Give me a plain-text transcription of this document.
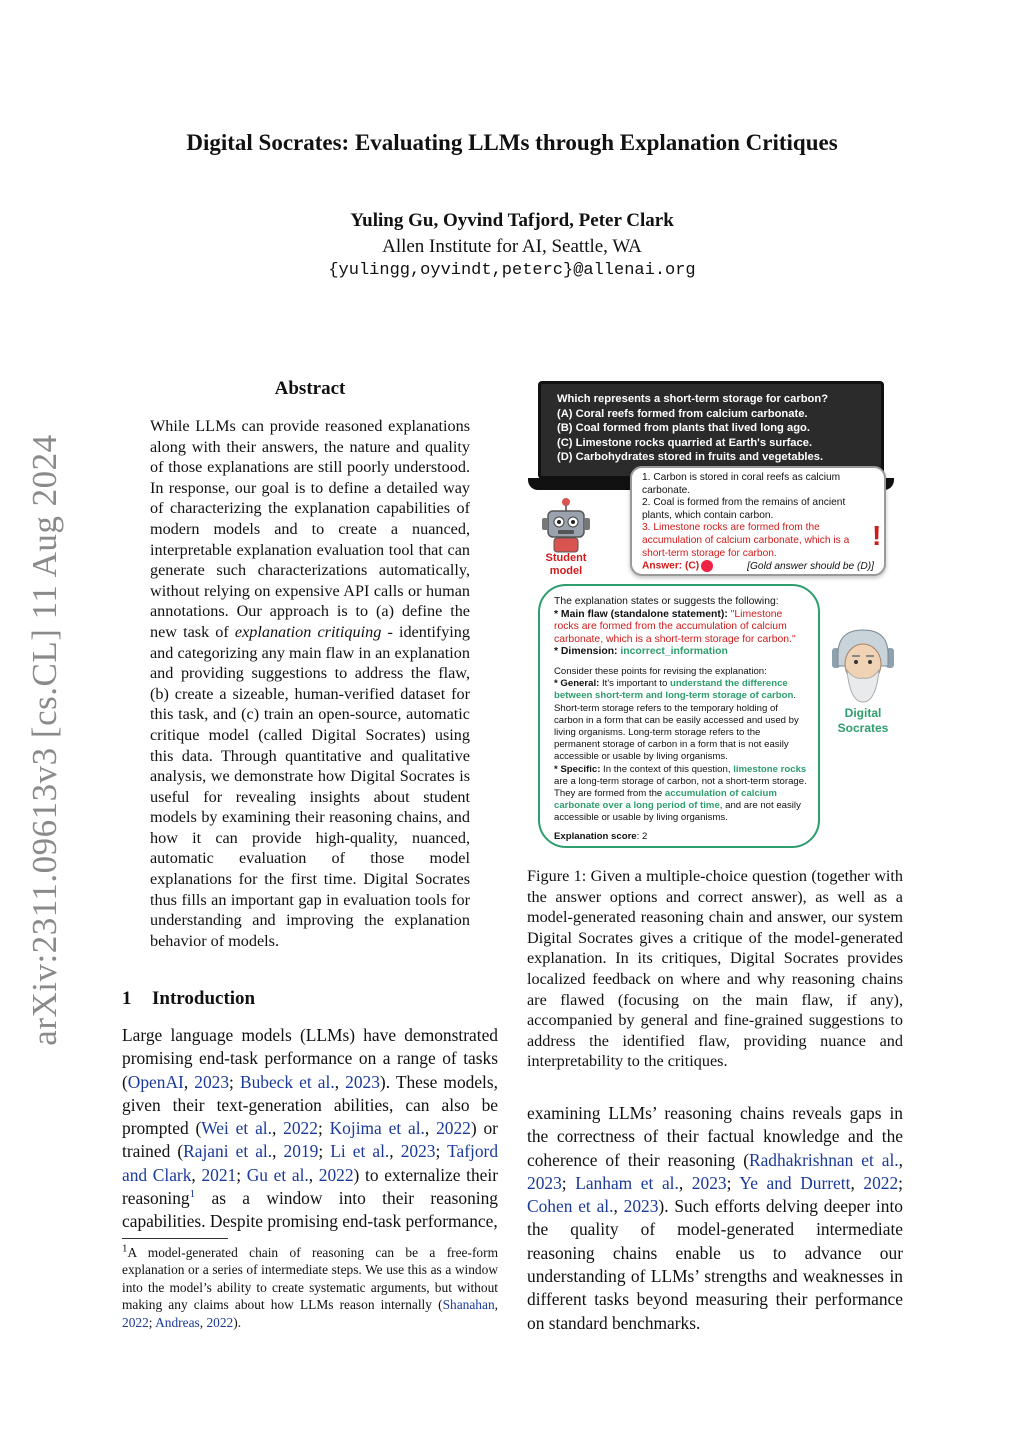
Digital Socrates: Evaluating LLMs through Explanation Critiques
Yuling Gu, Oyvind Tafjord, Peter Clark
Allen Institute for AI, Seattle, WA
{yulingg,oyvindt,peterc}@allenai.org
arXiv:2311.09613v3 [cs.CL] 11 Aug 2024
Abstract
While LLMs can provide reasoned explanations along with their answers, the nature and quality of those explanations are still poorly understood. In response, our goal is to define a detailed way of characterizing the explanation capabilities of modern models and to create a nuanced, interpretable explanation evaluation tool that can generate such characterizations automatically, without relying on expensive API calls or human annotations. Our approach is to (a) define the new task of explanation critiquing - identifying and categorizing any main flaw in an explanation and providing suggestions to address the flaw, (b) create a sizeable, human-verified dataset for this task, and (c) train an open-source, automatic critique model (called Digital Socrates) using this data. Through quantitative and qualitative analysis, we demonstrate how Digital Socrates is useful for revealing insights about student models by examining their reasoning chains, and how it can provide high-quality, nuanced, automatic evaluation of those model explanations for the first time. Digital Socrates thus fills an important gap in evaluation tools for understanding and improving the explanation behavior of models.
1 Introduction
Large language models (LLMs) have demonstrated promising end-task performance on a range of tasks (OpenAI, 2023; Bubeck et al., 2023). These models, given their text-generation abilities, can also be prompted (Wei et al., 2022; Kojima et al., 2022) or trained (Rajani et al., 2019; Li et al., 2023; Tafjord and Clark, 2021; Gu et al., 2022) to externalize their reasoning$^1$ as a window into their reasoning capabilities. Despite promising end-task performance,
$^1$A model-generated chain of reasoning can be a free-form explanation or a series of intermediate steps. We use this as a window into the model’s ability to create systematic arguments, but without making any claims about how LLMs reason internally (Shanahan, 2022; Andreas, 2022).
Which represents a short-term storage for carbon?
(A) Coral reefs formed from calcium carbonate.
(B) Coal formed from plants that lived long ago.
(C) Limestone rocks quarried at Earth's surface.
(D) Carbohydrates stored in fruits and vegetables.
1. Carbon is stored in coral reefs as calcium carbonate.
2. Coal is formed from the remains of ancient plants, which contain carbon.
3. Limestone rocks are formed from the accumulation of calcium carbonate, which is a short-term storage for carbon.
Answer: (C)	[Gold answer should be (D)]
!
Student model
The explanation states or suggests the following:
* Main flaw (standalone statement): "Limestone rocks are formed from the accumulation of calcium carbonate, which is a short-term storage for carbon."
* Dimension: incorrect_information
Consider these points for revising the explanation:
* General: It's important to understand the difference between short-term and long-term storage of carbon. Short-term storage refers to the temporary holding of carbon in a form that can be easily accessed and used by living organisms. Long-term storage refers to the permanent storage of carbon in a form that is not easily accessible or usable by living organisms.
* Specific: In the context of this question, limestone rocks are a long-term storage of carbon, not a short-term storage. They are formed from the accumulation of calcium carbonate over a long period of time, and are not easily accessible or usable by living organisms.
Explanation score: 2
Digital Socrates
Figure 1: Given a multiple-choice question (together with the answer options and correct answer), as well as a model-generated reasoning chain and answer, our system Digital Socrates gives a critique of the model-generated explanation. In its critiques, Digital Socrates provides localized feedback on where and why reasoning chains are flawed (focusing on the main flaw, if any), accompanied by general and fine-grained suggestions to address the identified flaw, providing nuance and interpretability to the critiques.
examining LLMs’ reasoning chains reveals gaps in the correctness of their factual knowledge and the coherence of their reasoning (Radhakrishnan et al., 2023; Lanham et al., 2023; Ye and Durrett, 2022; Cohen et al., 2023). Such efforts delving deeper into the quality of model-generated intermediate reasoning chains enable us to advance our understanding of LLMs’ strengths and weaknesses in different tasks beyond measuring their performance on standard benchmarks.
